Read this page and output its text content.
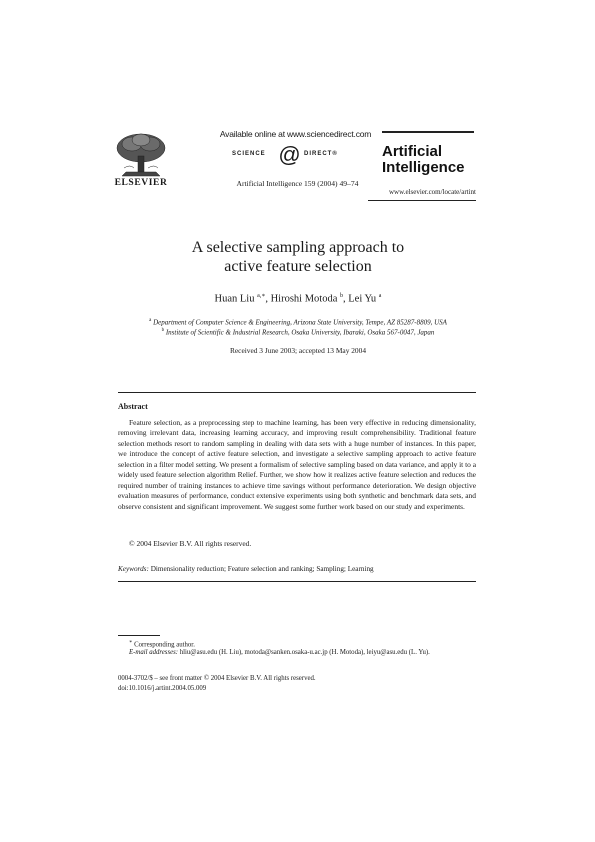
ELSEVIER
Available online at www.sciencedirect.com
SCIENCE @ DIRECT®
Artificial Intelligence 159 (2004) 49–74
Artificial
Intelligence
www.elsevier.com/locate/artint
A selective sampling approach to
active feature selection
Huan Liu $^{a,∗}$, Hiroshi Motoda $^b$, Lei Yu $^a$
$^a$ Department of Computer Science & Engineering, Arizona State University, Tempe, AZ 85287-8809, USA
$^b$ Institute of Scientific & Industrial Research, Osaka University, Ibaraki, Osaka 567-0047, Japan
Received 3 June 2003; accepted 13 May 2004
Abstract

Feature selection, as a preprocessing step to machine learning, has been very effective in reducing dimensionality, removing irrelevant data, increasing learning accuracy, and improving result comprehensibility. Traditional feature selection methods resort to random sampling in dealing with data sets with a huge number of instances. In this paper, we introduce the concept of active feature selection, and investigate a selective sampling approach to active feature selection in a filter model setting. We present a formalism of selective sampling based on data variance, and apply it to a widely used feature selection algorithm Relief. Further, we show how it realizes active feature selection and reduces the required number of training instances to achieve time savings without performance deterioration. We design objective evaluation measures of performance, conduct extensive experiments using both synthetic and benchmark data sets, and observe consistent and significant improvement. We suggest some further work based on our study and experiments.

© 2004 Elsevier B.V. All rights reserved.
Keywords: Dimensionality reduction; Feature selection and ranking; Sampling; Learning
∗ Corresponding author.
E-mail addresses: hliu@asu.edu (H. Liu), motoda@sanken.osaka-u.ac.jp (H. Motoda), leiyu@asu.edu (L. Yu).
0004-3702/$ – see front matter © 2004 Elsevier B.V. All rights reserved.
doi:10.1016/j.artint.2004.05.009
